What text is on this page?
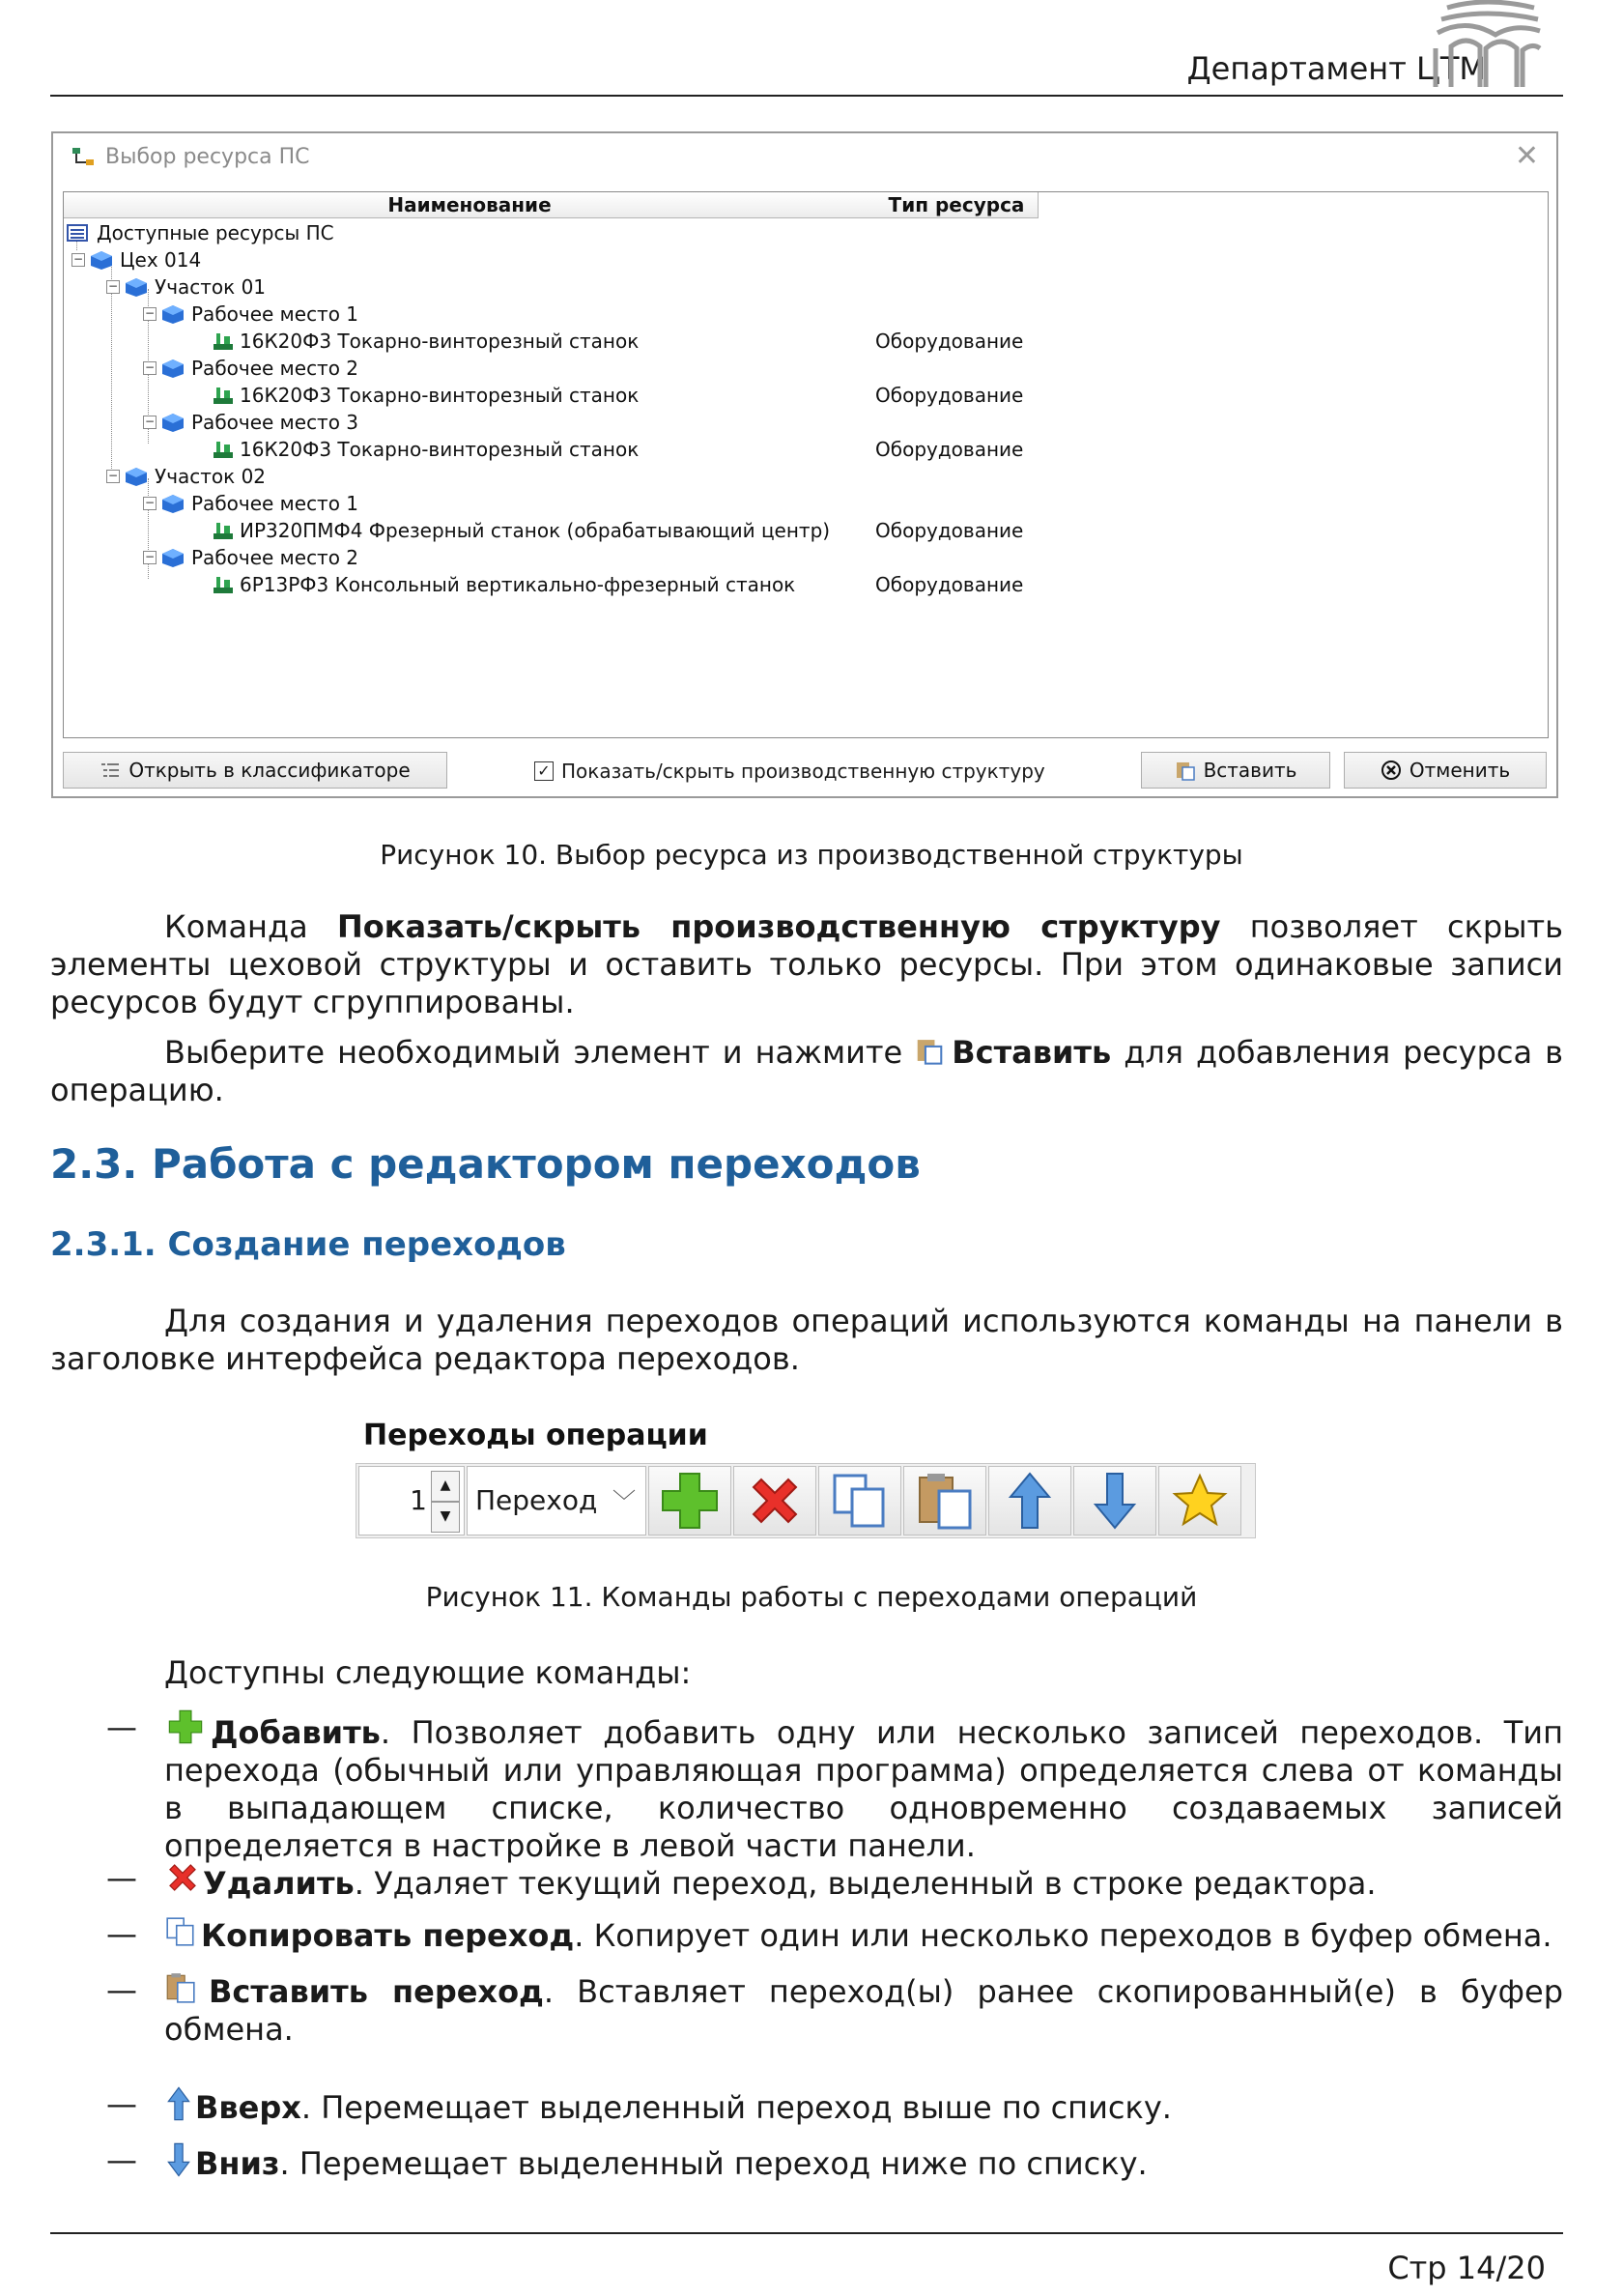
Департамент ЦТМ
Выбор ресурса ПС	✕
Наименование	Тип ресурса
Доступные ресурсы ПС
− Цех 014
− Участок 01
− Рабочее место 1
16К20Ф3 Токарно-винторезный станок	Оборудование
− Рабочее место 2
16К20Ф3 Токарно-винторезный станок	Оборудование
− Рабочее место 3
16К20Ф3 Токарно-винторезный станок	Оборудование
− Участок 02
− Рабочее место 1
ИР320ПМФ4 Фрезерный станок (обрабатывающий центр) Оборудование
− Рабочее место 2
6Р13РФ3 Консольный вертикально-фрезерный станок	Оборудование
Открыть в классификаторе	✓ Показать/скрыть производственную структуру	Вставить	Отменить
Рисунок 10. Выбор ресурса из производственной структуры
Команда Показать/скрыть производственную структуру позволяет скрыть элементы цеховой структуры и оставить только ресурсы. При этом одинаковые записи ресурсов будут сгруппированы.
Выберите необходимый элемент и нажмите Вставить для добавления ресурса в операцию.
2.3. Работа с редактором переходов
2.3.1. Создание переходов
Для создания и удаления переходов операций используются команды на панели в заголовке интерфейса редактора переходов.
Переходы операции
1 ▲
▼ Переход ﹀
Рисунок 11. Команды работы с переходами операций
Доступны следующие команды:
—	Добавить. Позволяет добавить одну или несколько записей переходов. Тип перехода (обычный или управляющая программа) определяется слева от команды в выпадающем списке, количество одновременно создаваемых записей определяется в настройке в левой части панели.
—	Удалить. Удаляет текущий переход, выделенный в строке редактора.
—	Копировать переход. Копирует один или несколько переходов в буфер обмена.
—	Вставить переход. Вставляет переход(ы) ранее скопированный(е) в буфер обмена.
—	Вверх. Перемещает выделенный переход выше по списку.
—	Вниз. Перемещает выделенный переход ниже по списку.
Стр 14/20
